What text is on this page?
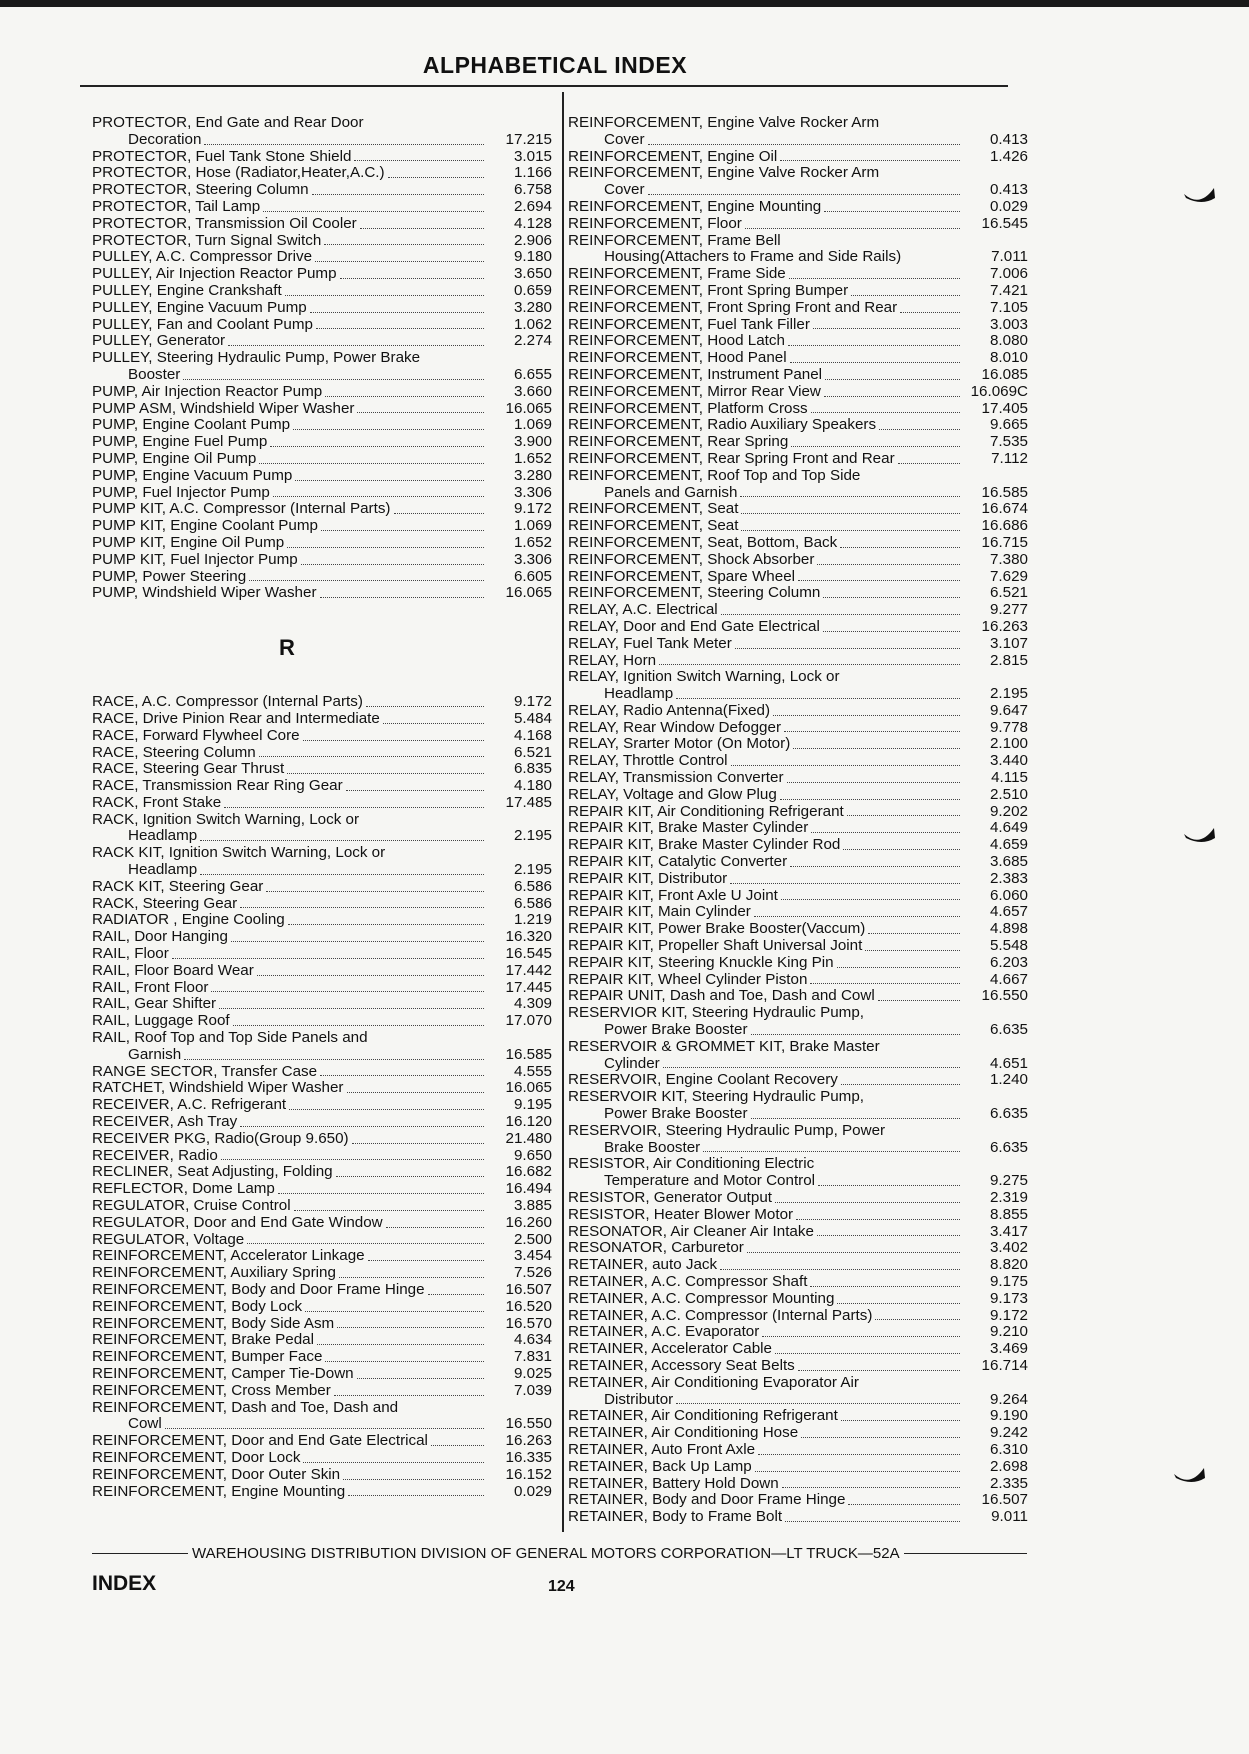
ALPHABETICAL INDEX
PROTECTOR, End Gate and Rear Door
Decoration	17.215
PROTECTOR, Fuel Tank Stone Shield	3.015
PROTECTOR, Hose (Radiator,Heater,A.C.)	1.166
PROTECTOR, Steering Column	6.758
PROTECTOR, Tail Lamp	2.694
PROTECTOR, Transmission Oil Cooler	4.128
PROTECTOR, Turn Signal Switch	2.906
PULLEY, A.C. Compressor Drive	9.180
PULLEY, Air Injection Reactor Pump	3.650
PULLEY, Engine Crankshaft	0.659
PULLEY, Engine Vacuum Pump	3.280
PULLEY, Fan and Coolant Pump	1.062
PULLEY, Generator	2.274
PULLEY, Steering Hydraulic Pump, Power Brake
Booster	6.655
PUMP, Air Injection Reactor Pump	3.660
PUMP ASM, Windshield Wiper Washer	16.065
PUMP, Engine Coolant Pump	1.069
PUMP, Engine Fuel Pump	3.900
PUMP, Engine Oil Pump	1.652
PUMP, Engine Vacuum Pump	3.280
PUMP, Fuel Injector Pump	3.306
PUMP KIT, A.C. Compressor (Internal Parts)	9.172
PUMP KIT, Engine Coolant Pump	1.069
PUMP KIT, Engine Oil Pump	1.652
PUMP KIT, Fuel Injector Pump	3.306
PUMP, Power Steering	6.605
PUMP, Windshield Wiper Washer	16.065
R
RACE, A.C. Compressor (Internal Parts)	9.172
RACE, Drive Pinion Rear and Intermediate	5.484
RACE, Forward Flywheel Core	4.168
RACE, Steering Column	6.521
RACE, Steering Gear Thrust	6.835
RACE, Transmission Rear Ring Gear	4.180
RACK, Front Stake	17.485
RACK, Ignition Switch Warning, Lock or
Headlamp	2.195
RACK KIT, Ignition Switch Warning, Lock or
Headlamp	2.195
RACK KIT, Steering Gear	6.586
RACK, Steering Gear	6.586
RADIATOR , Engine Cooling	1.219
RAIL, Door Hanging	16.320
RAIL, Floor	16.545
RAIL, Floor Board Wear	17.442
RAIL, Front Floor	17.445
RAIL, Gear Shifter	4.309
RAIL, Luggage Roof	17.070
RAIL, Roof Top and Top Side Panels and
Garnish	16.585
RANGE SECTOR, Transfer Case	4.555
RATCHET, Windshield Wiper Washer	16.065
RECEIVER, A.C. Refrigerant	9.195
RECEIVER, Ash Tray	16.120
RECEIVER PKG, Radio(Group 9.650)	21.480
RECEIVER, Radio	9.650
RECLINER, Seat Adjusting, Folding	16.682
REFLECTOR, Dome Lamp	16.494
REGULATOR, Cruise Control	3.885
REGULATOR, Door and End Gate Window	16.260
REGULATOR, Voltage	2.500
REINFORCEMENT, Accelerator Linkage	3.454
REINFORCEMENT, Auxiliary Spring	7.526
REINFORCEMENT, Body and Door Frame Hinge	16.507
REINFORCEMENT, Body Lock	16.520
REINFORCEMENT, Body Side Asm	16.570
REINFORCEMENT, Brake Pedal	4.634
REINFORCEMENT, Bumper Face	7.831
REINFORCEMENT, Camper Tie-Down	9.025
REINFORCEMENT, Cross Member	7.039
REINFORCEMENT, Dash and Toe, Dash and
Cowl	16.550
REINFORCEMENT, Door and End Gate Electrical	16.263
REINFORCEMENT, Door Lock	16.335
REINFORCEMENT, Door Outer Skin	16.152
REINFORCEMENT, Engine Mounting	0.029
REINFORCEMENT, Engine Valve Rocker Arm
Cover	0.413
REINFORCEMENT, Engine Oil	1.426
REINFORCEMENT, Engine Valve Rocker Arm
Cover	0.413
REINFORCEMENT, Engine Mounting	0.029
REINFORCEMENT, Floor	16.545
REINFORCEMENT, Frame Bell
Housing(Attachers to Frame and Side Rails)	7.011
REINFORCEMENT, Frame Side	7.006
REINFORCEMENT, Front Spring Bumper	7.421
REINFORCEMENT, Front Spring Front and Rear	7.105
REINFORCEMENT, Fuel Tank Filler	3.003
REINFORCEMENT, Hood Latch	8.080
REINFORCEMENT, Hood Panel	8.010
REINFORCEMENT, Instrument Panel	16.085
REINFORCEMENT, Mirror Rear View	16.069C
REINFORCEMENT, Platform Cross	17.405
REINFORCEMENT, Radio Auxiliary Speakers	9.665
REINFORCEMENT, Rear Spring	7.535
REINFORCEMENT, Rear Spring Front and Rear	7.112
REINFORCEMENT, Roof Top and Top Side
Panels and Garnish	16.585
REINFORCEMENT, Seat	16.674
REINFORCEMENT, Seat	16.686
REINFORCEMENT, Seat, Bottom, Back	16.715
REINFORCEMENT, Shock Absorber	7.380
REINFORCEMENT, Spare Wheel	7.629
REINFORCEMENT, Steering Column	6.521
RELAY, A.C. Electrical	9.277
RELAY, Door and End Gate Electrical	16.263
RELAY, Fuel Tank Meter	3.107
RELAY, Horn	2.815
RELAY, Ignition Switch Warning, Lock or
Headlamp	2.195
RELAY, Radio Antenna(Fixed)	9.647
RELAY, Rear Window Defogger	9.778
RELAY, Srarter Motor (On Motor)	2.100
RELAY, Throttle Control	3.440
RELAY, Transmission Converter	4.115
RELAY, Voltage and Glow Plug	2.510
REPAIR KIT, Air Conditioning Refrigerant	9.202
REPAIR KIT, Brake Master Cylinder	4.649
REPAIR KIT, Brake Master Cylinder Rod	4.659
REPAIR KIT, Catalytic Converter	3.685
REPAIR KIT, Distributor	2.383
REPAIR KIT, Front Axle U Joint	6.060
REPAIR KIT, Main Cylinder	4.657
REPAIR KIT, Power Brake Booster(Vaccum)	4.898
REPAIR KIT, Propeller Shaft Universal Joint	5.548
REPAIR KIT, Steering Knuckle King Pin	6.203
REPAIR KIT, Wheel Cylinder Piston	4.667
REPAIR UNIT, Dash and Toe, Dash and Cowl	16.550
RESERVIOR KIT, Steering Hydraulic Pump,
Power Brake Booster	6.635
RESERVOIR & GROMMET KIT, Brake Master
Cylinder	4.651
RESERVOIR, Engine Coolant Recovery	1.240
RESERVOIR KIT, Steering Hydraulic Pump,
Power Brake Booster	6.635
RESERVOIR, Steering Hydraulic Pump, Power
Brake Booster	6.635
RESISTOR, Air Conditioning Electric
Temperature and Motor Control	9.275
RESISTOR, Generator Output	2.319
RESISTOR, Heater Blower Motor	8.855
RESONATOR, Air Cleaner Air Intake	3.417
RESONATOR, Carburetor	3.402
RETAINER, auto Jack	8.820
RETAINER, A.C. Compressor Shaft	9.175
RETAINER, A.C. Compressor Mounting	9.173
RETAINER, A.C. Compressor (Internal Parts)	9.172
RETAINER, A.C. Evaporator	9.210
RETAINER, Accelerator Cable	3.469
RETAINER, Accessory Seat Belts	16.714
RETAINER, Air Conditioning Evaporator Air
Distributor	9.264
RETAINER, Air Conditioning Refrigerant	9.190
RETAINER, Air Conditioning Hose	9.242
RETAINER, Auto Front Axle	6.310
RETAINER, Back Up Lamp	2.698
RETAINER, Battery Hold Down	2.335
RETAINER, Body and Door Frame Hinge	16.507
RETAINER, Body to Frame Bolt	9.011
WAREHOUSING DISTRIBUTION DIVISION OF GENERAL MOTORS CORPORATION—LT TRUCK—52A
INDEX	124
